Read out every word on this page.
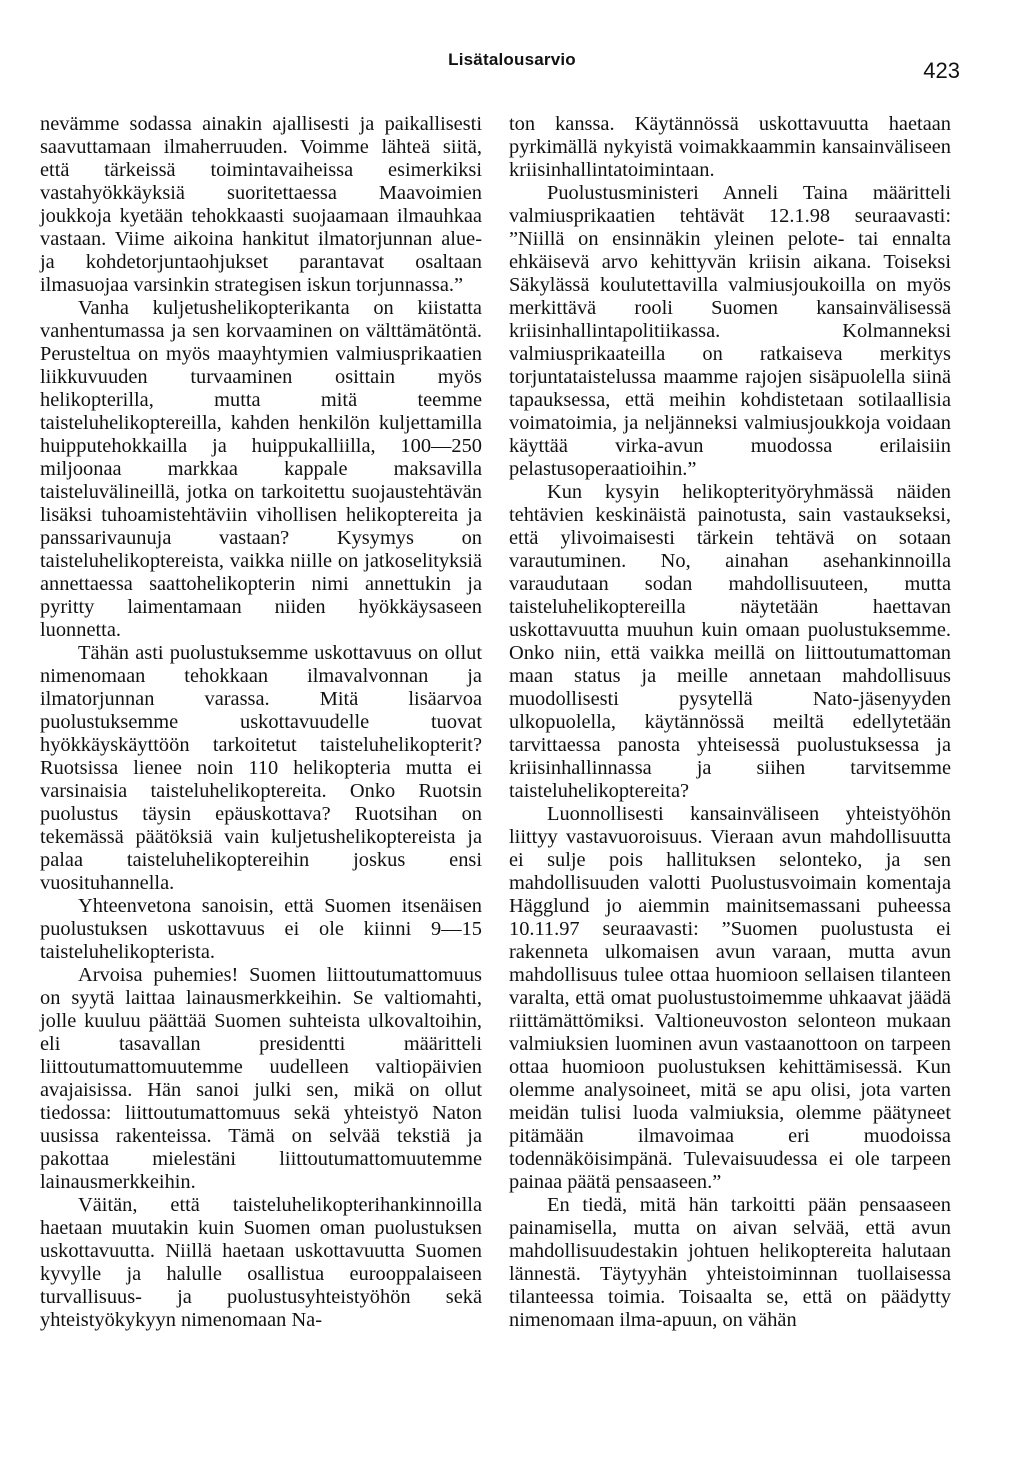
Lisätalousarvio	423

nevämme sodassa ainakin ajallisesti ja paikallisesti saavuttamaan ilmaherruuden. Voimme lähteä siitä, että tärkeissä toimintavaiheissa esimerkiksi vastahyökkäyksiä suoritettaessa Maavoimien joukkoja kyetään tehokkaasti suojaamaan ilmauhkaa vastaan. Viime aikoina hankitut ilmatorjunnan alue- ja kohdetorjuntaohjukset parantavat osaltaan ilmasuojaa varsinkin strategisen iskun torjunnassa.”

Vanha kuljetushelikopterikanta on kiistatta vanhentumassa ja sen korvaaminen on välttämätöntä. Perusteltua on myös maayhtymien valmiusprikaatien liikkuvuuden turvaaminen osittain myös helikopterilla, mutta mitä teemme taisteluhelikoptereilla, kahden henkilön kuljettamilla huipputehokkailla ja huippukalliilla, 100—250 miljoonaa markkaa kappale maksavilla taisteluvälineillä, jotka on tarkoitettu suojaustehtävän lisäksi tuhoamistehtäviin vihollisen helikoptereita ja panssarivaunuja vastaan? Kysymys on taisteluhelikoptereista, vaikka niille on jatkoselityksiä annettaessa saattohelikopterin nimi annettukin ja pyritty laimentamaan niiden hyökkäysaseen luonnetta.

Tähän asti puolustuksemme uskottavuus on ollut nimenomaan tehokkaan ilmavalvonnan ja ilmatorjunnan varassa. Mitä lisäarvoa puolustuksemme uskottavuudelle tuovat hyökkäyskäyttöön tarkoitetut taisteluhelikopterit? Ruotsissa lienee noin 110 helikopteria mutta ei varsinaisia taisteluhelikoptereita. Onko Ruotsin puolustus täysin epäuskottava? Ruotsihan on tekemässä päätöksiä vain kuljetushelikoptereista ja palaa taisteluhelikoptereihin joskus ensi vuosituhannella.

Yhteenvetona sanoisin, että Suomen itsenäisen puolustuksen uskottavuus ei ole kiinni 9—15 taisteluhelikopterista.

Arvoisa puhemies! Suomen liittoutumattomuus on syytä laittaa lainausmerkkeihin. Se valtiomahti, jolle kuuluu päättää Suomen suhteista ulkovaltoihin, eli tasavallan presidentti määritteli liittoutumattomuutemme uudelleen valtiopäivien avajaisissa. Hän sanoi julki sen, mikä on ollut tiedossa: liittoutumattomuus sekä yhteistyö Naton uusissa rakenteissa. Tämä on selvää tekstiä ja pakottaa mielestäni liittoutumattomuutemme lainausmerkkeihin.

Väitän, että taisteluhelikopterihankinnoilla haetaan muutakin kuin Suomen oman puolustuksen uskottavuutta. Niillä haetaan uskottavuutta Suomen kyvylle ja halulle osallistua eurooppalaiseen turvallisuus- ja puolustusyhteistyöhön sekä yhteistyökykyyn nimenomaan Na-

ton kanssa. Käytännössä uskottavuutta haetaan pyrkimällä nykyistä voimakkaammin kansainväliseen kriisinhallintatoimintaan.

Puolustusministeri Anneli Taina määritteli valmiusprikaatien tehtävät 12.1.98 seuraavasti: ”Niillä on ensinnäkin yleinen pelote- tai ennalta ehkäisevä arvo kehittyvän kriisin aikana. Toiseksi Säkylässä koulutettavilla valmiusjoukoilla on myös merkittävä rooli Suomen kansainvälisessä kriisinhallintapolitiikassa. Kolmanneksi valmiusprikaateilla on ratkaiseva merkitys torjuntataistelussa maamme rajojen sisäpuolella siinä tapauksessa, että meihin kohdistetaan sotilaallisia voimatoimia, ja neljänneksi valmiusjoukkoja voidaan käyttää virka-avun muodossa erilaisiin pelastusoperaatioihin.”

Kun kysyin helikopterityöryhmässä näiden tehtävien keskinäistä painotusta, sain vastaukseksi, että ylivoimaisesti tärkein tehtävä on sotaan varautuminen. No, ainahan asehankinnoilla varaudutaan sodan mahdollisuuteen, mutta taisteluhelikoptereilla näytetään haettavan uskottavuutta muuhun kuin omaan puolustuksemme. Onko niin, että vaikka meillä on liittoutumattoman maan status ja meille annetaan mahdollisuus muodollisesti pysytellä Nato-jäsenyyden ulkopuolella, käytännössä meiltä edellytetään tarvittaessa panosta yhteisessä puolustuksessa ja kriisinhallinnassa ja siihen tarvitsemme taisteluhelikoptereita?

Luonnollisesti kansainväliseen yhteistyöhön liittyy vastavuoroisuus. Vieraan avun mahdollisuutta ei sulje pois hallituksen selonteko, ja sen mahdollisuuden valotti Puolustusvoimain komentaja Hägglund jo aiemmin mainitsemassani puheessa 10.11.97 seuraavasti: ”Suomen puolustusta ei rakenneta ulkomaisen avun varaan, mutta avun mahdollisuus tulee ottaa huomioon sellaisen tilanteen varalta, että omat puolustustoimemme uhkaavat jäädä riittämättömiksi. Valtioneuvoston selonteon mukaan valmiuksien luominen avun vastaanottoon on tarpeen ottaa huomioon puolustuksen kehittämisessä. Kun olemme analysoineet, mitä se apu olisi, jota varten meidän tulisi luoda valmiuksia, olemme päätyneet pitämään ilmavoimaa eri muodoissa todennäköisimpänä. Tulevaisuudessa ei ole tarpeen painaa päätä pensaaseen.”

En tiedä, mitä hän tarkoitti pään pensaaseen painamisella, mutta on aivan selvää, että avun mahdollisuudestakin johtuen helikoptereita halutaan lännestä. Täytyyhän yhteistoiminnan tuollaisessa tilanteessa toimia. Toisaalta se, että on päädytty nimenomaan ilma-apuun, on vähän
